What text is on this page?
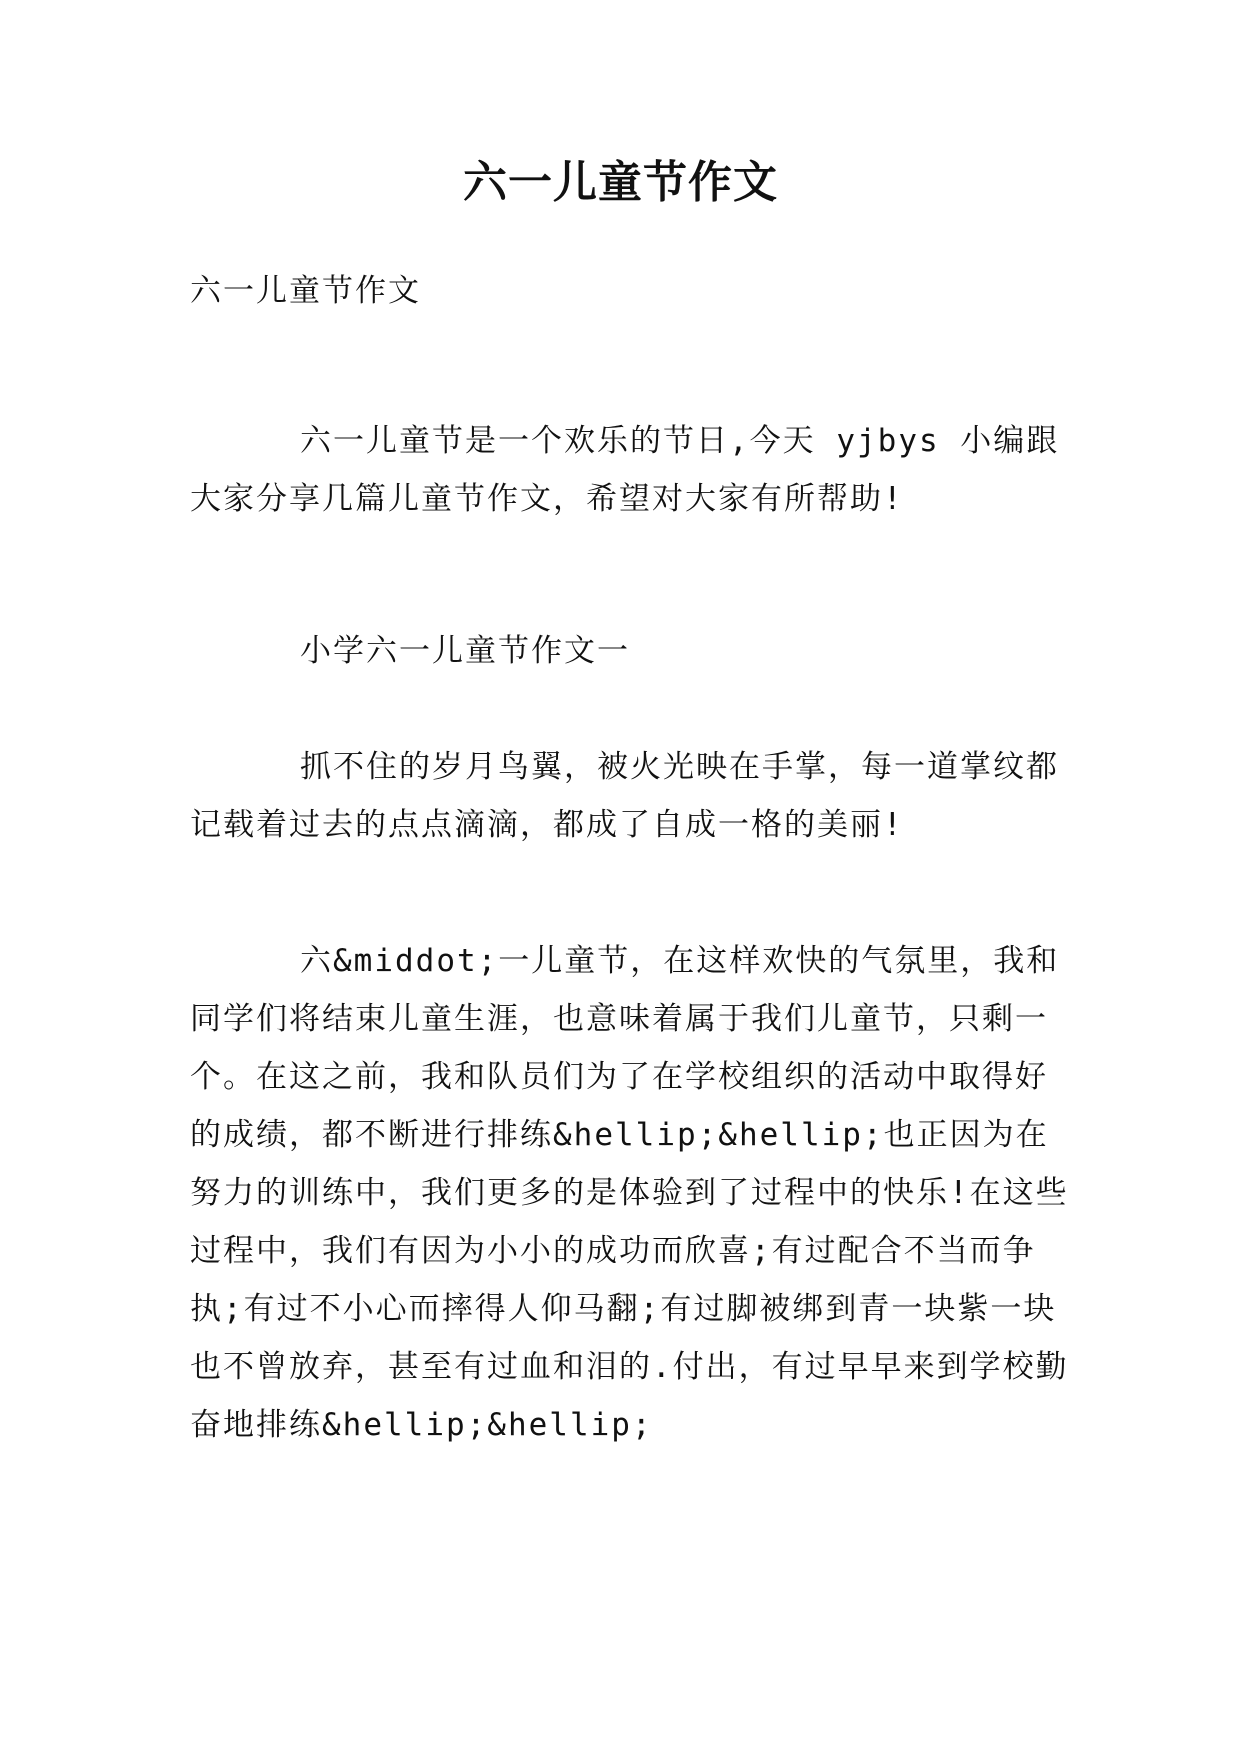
六一儿童节作文

六一儿童节作文

六一儿童节是一个欢乐的节日,今天 yjbys 小编跟大家分享几篇儿童节作文，希望对大家有所帮助!

小学六一儿童节作文一

抓不住的岁月鸟翼，被火光映在手掌，每一道掌纹都记载着过去的点点滴滴，都成了自成一格的美丽!

六&middot;一儿童节，在这样欢快的气氛里，我和同学们将结束儿童生涯，也意味着属于我们儿童节，只剩一个。在这之前，我和队员们为了在学校组织的活动中取得好的成绩，都不断进行排练&hellip;&hellip;也正因为在努力的训练中，我们更多的是体验到了过程中的快乐!在这些过程中，我们有因为小小的成功而欣喜;有过配合不当而争执;有过不小心而摔得人仰马翻;有过脚被绑到青一块紫一块也不曾放弃，甚至有过血和泪的.付出，有过早早来到学校勤奋地排练&hellip;&hellip;
